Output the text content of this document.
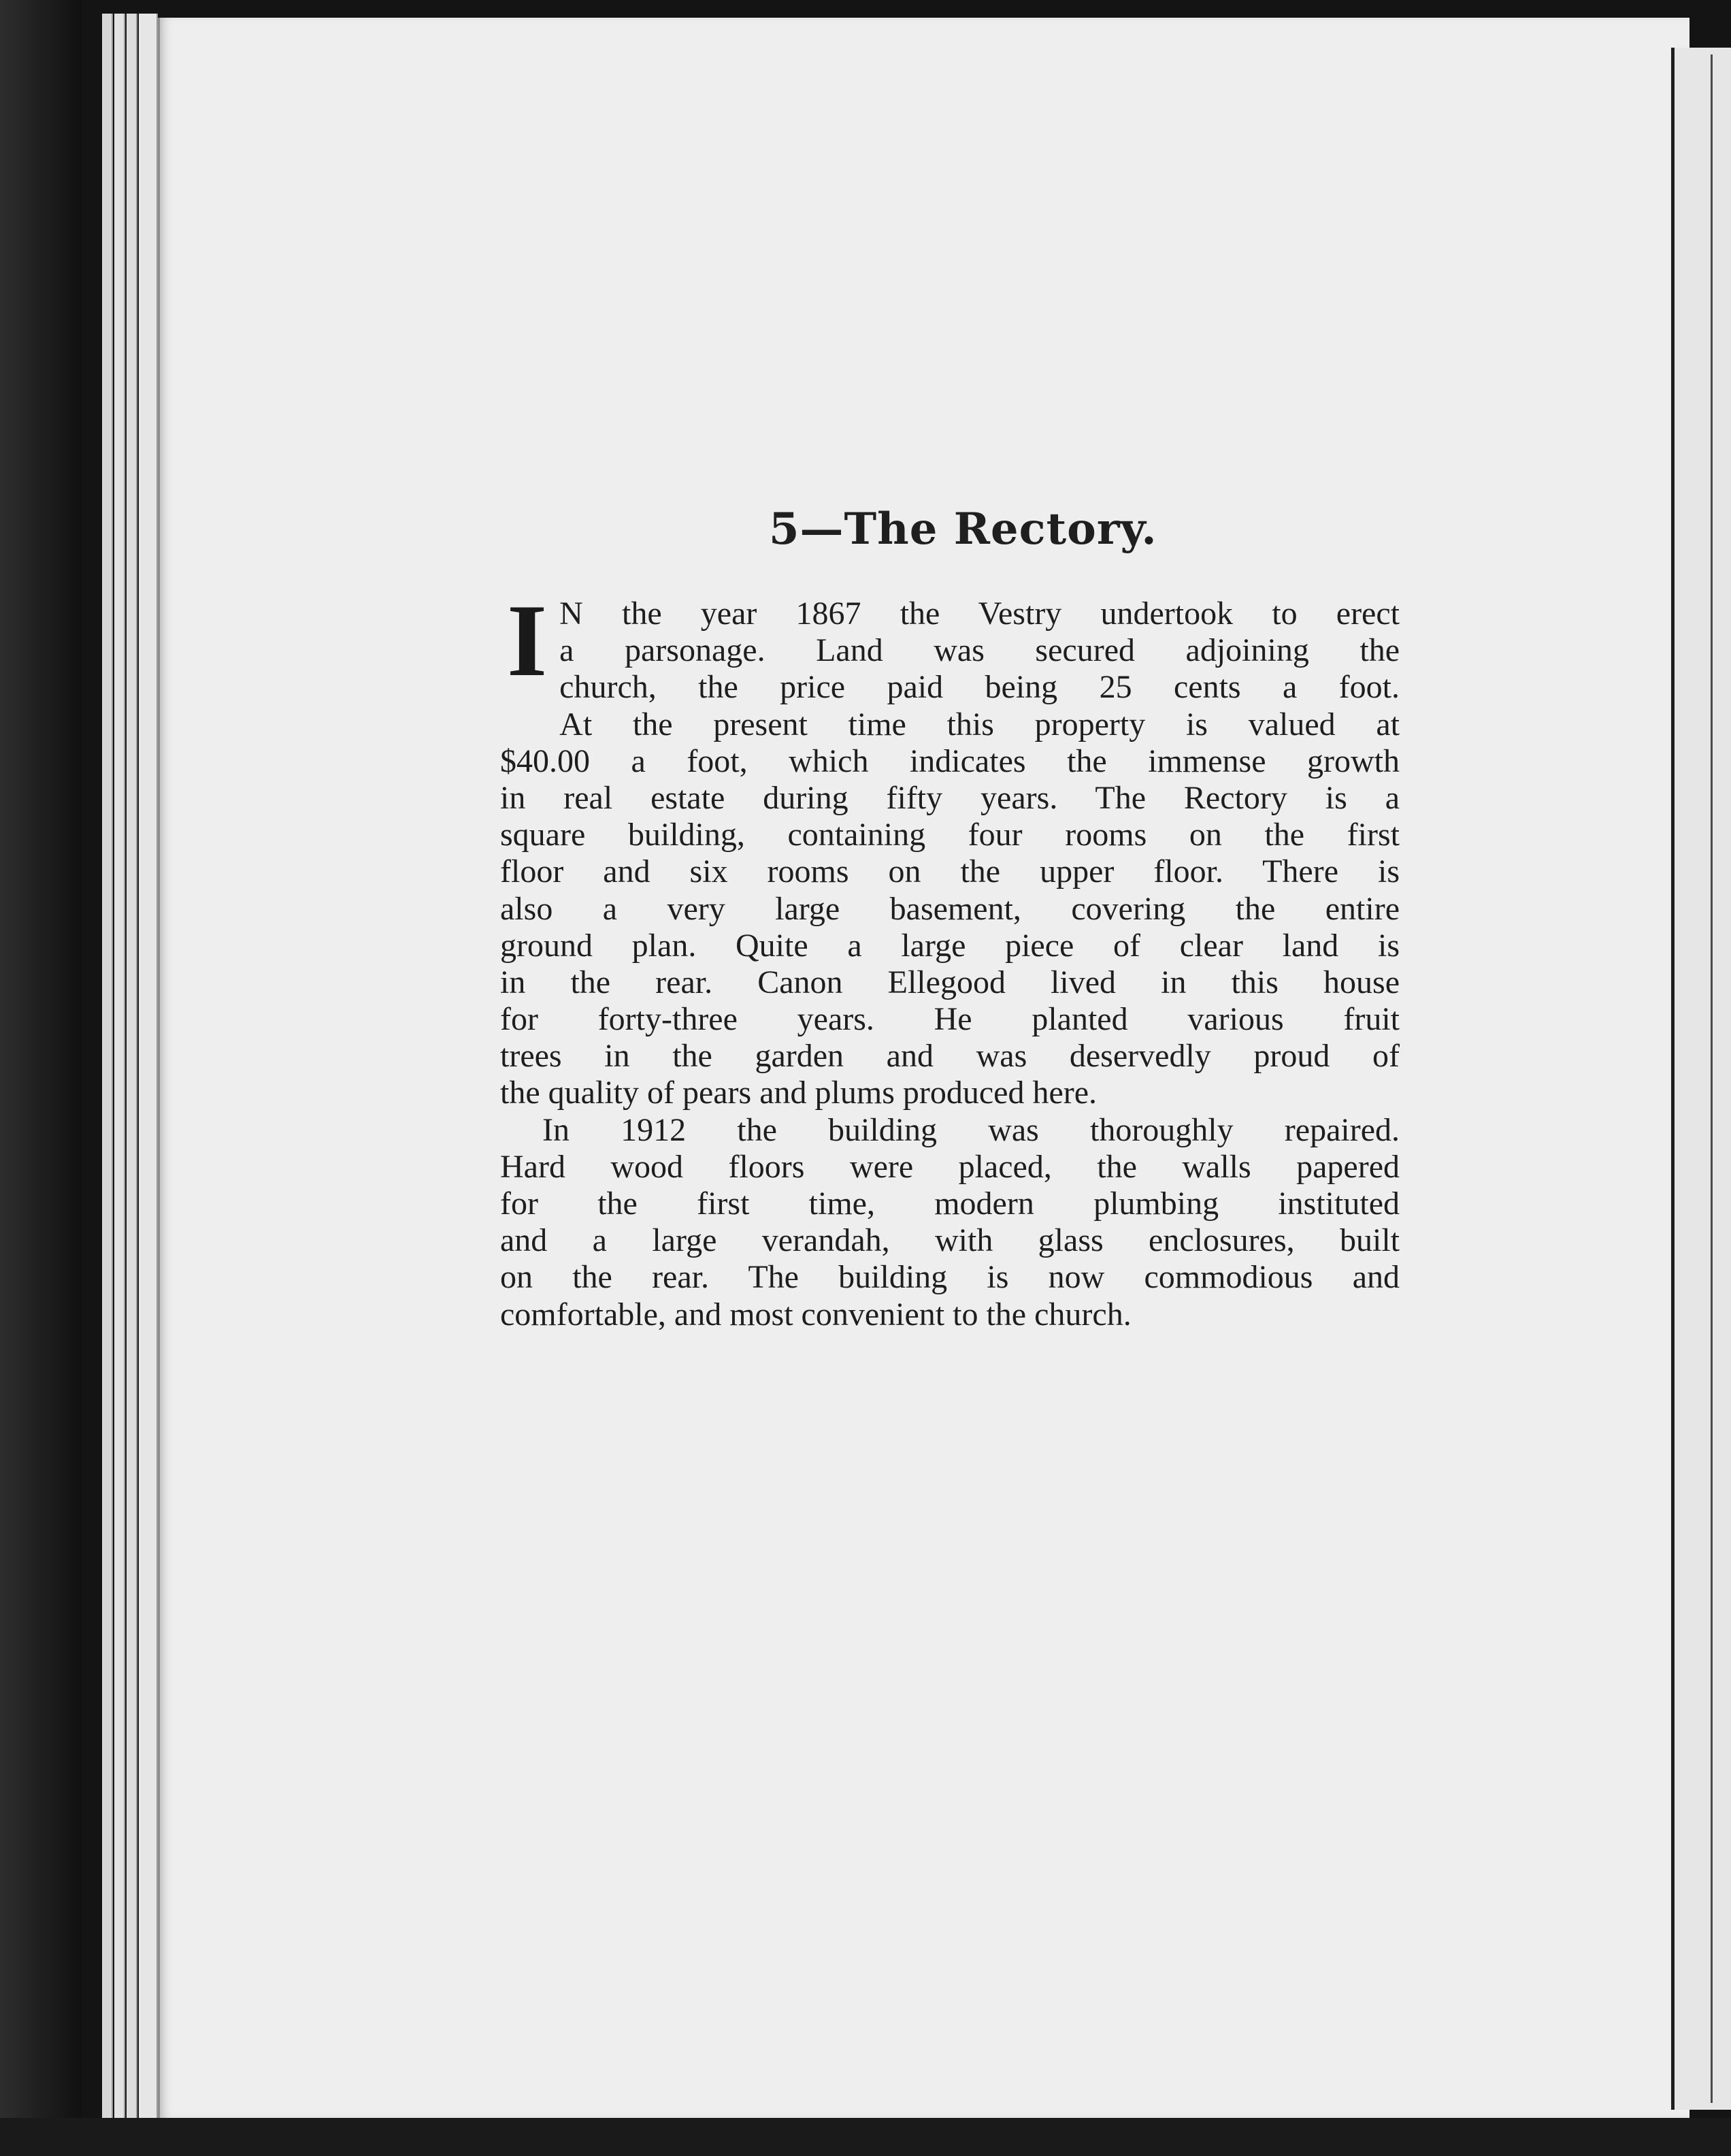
5—The Rectory.
I N the year 1867 the Vestry undertook to erect
a parsonage. Land was secured adjoining the
church, the price paid being 25 cents a foot.
At the present time this property is valued at
$40.00 a foot, which indicates the immense growth
in real estate during fifty years. The Rectory is a
square building, containing four rooms on the first
floor and six rooms on the upper floor. There is
also a very large basement, covering the entire
ground plan. Quite a large piece of clear land is
in the rear. Canon Ellegood lived in this house
for forty-three years. He planted various fruit
trees in the garden and was deservedly proud of
the quality of pears and plums produced here.
In 1912 the building was thoroughly repaired.
Hard wood floors were placed, the walls papered
for the first time, modern plumbing instituted
and a large verandah, with glass enclosures, built
on the rear. The building is now commodious and
comfortable, and most convenient to the church.
